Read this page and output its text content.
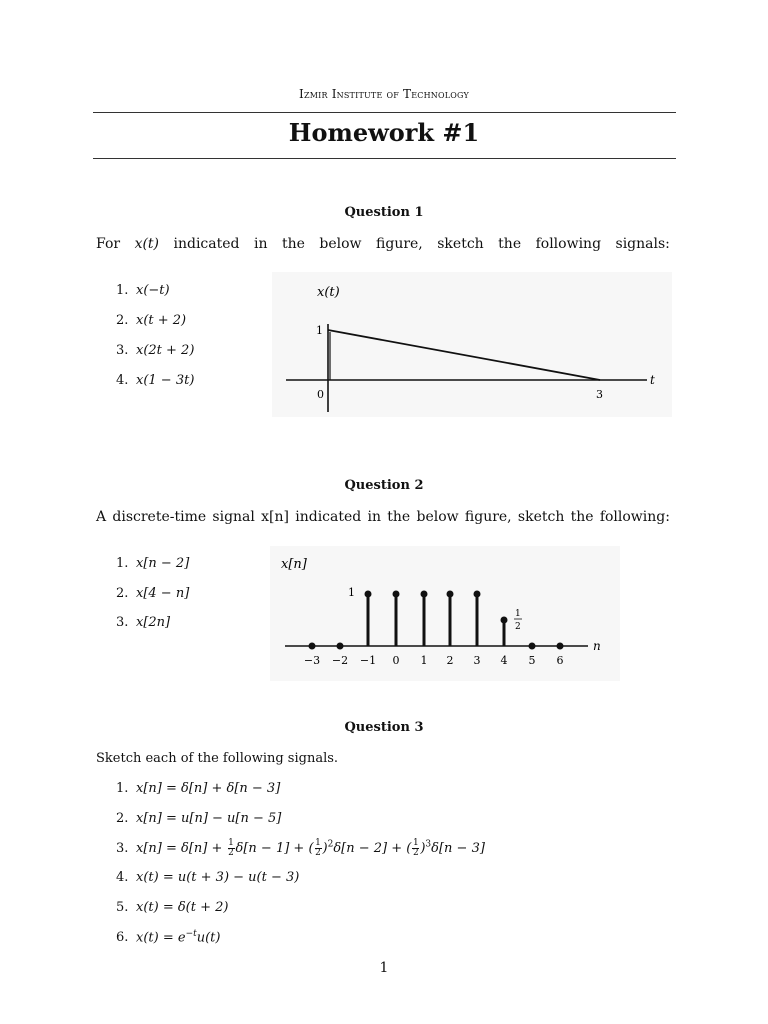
Izmir Institute of Technology
Homework #1
Question 1
For x(t) indicated in the below figure, sketch the following signals:
1. x(−t)
2. x(t + 2)
3. x(2t + 2)
4. x(1 − 3t)
x(t)
1
0	3
t
Question 2
A discrete-time signal x[n] indicated in the below figure, sketch the following:
1. x[n − 2]
2. x[4 − n]
3. x[2n]
x[n]
1
1
2
n
−3 −2 −1 0 1 2 3 4 5 6
Question 3
Sketch each of the following signals.
1. x[n] = δ[n] + δ[n − 3]
2. x[n] = u[n] − u[n − 5]
3. $x[n] = \delta[n] + \frac{1}{2} \delta[n - 1]$ + ( $\frac{1}{2} )^2\delta[n - 2]$ + ( $\frac{1}{2} )^3\delta[n - 3]$
4. x(t) = u(t + 3) − u(t − 3)
5. x(t) = δ(t + 2)
6. $x(t) = e^{-t}u(t)$
1
